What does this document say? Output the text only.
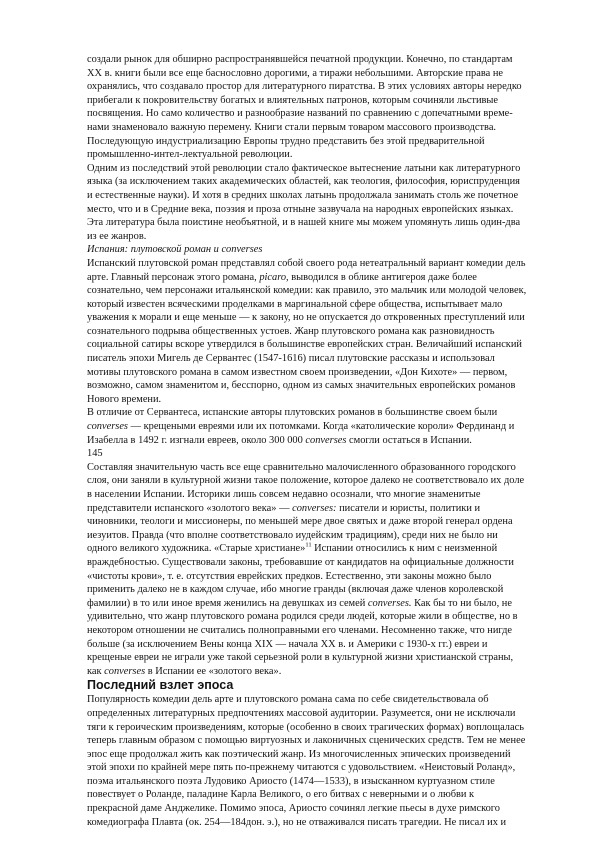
создали рынок для обширно распространявшейся печатной продукции. Конечно, по стандартам XX в. книги были все еще баснословно дорогими, а тиражи небольшими. Авторские права не охранялись, что создавало простор для литературного пиратства. В этих условиях авторы нередко прибегали к покровительству богатых и влиятельных патронов, которым сочиняли льстивые посвящения. Но само количество и разнообразие названий по сравнению с допечатными време-нами знаменовало важную перемену. Книги стали первым товаром массового производства. Последующую индустриализацию Европы трудно представить без этой предварительной промышленно-интел-лектуальной революции.

Одним из последствий этой революции стало фактическое вытеснение латыни как литературного языка (за исключением таких академических областей, как теология, философия, юриспруденция и естественные науки). И хотя в средних школах латынь продолжала занимать столь же почетное место, что и в Средние века, поэзия и проза отныне зазвучала на народных европейских языках. Эта литература была поистине необъятной, и в нашей книге мы можем упомянуть лишь один-два из ее жанров.

Испания: плутовской роман и conversеs

Испанский плутовской роман представлял собой своего рода нетеатральный вариант комедии дель арте. Главный персонаж этого романа, picaro, выводился в облике антигероя даже более сознательно, чем персонажи итальянской комедии: как правило, это мальчик или молодой человек, который известен всяческими проделками в маргинальной сфере общества, испытывает мало уважения к морали и еще меньше — к закону, но не опускается до откровенных преступлений или сознательного подрыва общественных устоев. Жанр плутовского романа как разновидность социальной сатиры вскоре утвердился в большинстве европейских стран. Величайший испанский писатель эпохи Мигель де Сервантес (1547-1616) писал плутовские рассказы и использовал мотивы плутовского романа в самом известном своем произведении, «Дон Кихоте» — первом, возможно, самом знаменитом и, бесспорно, одном из самых значительных европейских романов Нового времени.

В отличие от Сервантеса, испанские авторы плутовских романов в большинстве своем были conversеs — крещеными евреями или их потомками. Когда «католические короли» Фердинанд и Изабелла в 1492 г. изгнали евреев, около 300 000 conversеs смогли остаться в Испании.

145

Составляя значительную часть все еще сравнительно малочисленного образованного городского слоя, они заняли в культурной жизни такое положение, которое далеко не соответствовало их доле в населении Испании. Историки лишь совсем недавно осознали, что многие знаменитые представители испанского «золотого века» — conversеs: писатели и юристы, политики и чиновники, теологи и миссионеры, по меньшей мере двое святых и даже второй генерал ордена иезуитов. Правда (что вполне соответствовало иудейским традициям), среди них не было ни одного великого художника. «Старые христиане»$^{11}$ Испании относились к ним с неизменной враждебностью. Существовали законы, требовавшие от кандидатов на официальные должности «чистоты крови», т. е. отсутствия еврейских предков. Естественно, эти законы можно было применить далеко не в каждом случае, ибо многие гранды (включая даже членов королевской фамилии) в то или иное время женились на девушках из семей conversеs. Как бы то ни было, не удивительно, что жанр плутовского романа родился среди людей, которые жили в обществе, но в некотором отношении не считались полноправными его членами. Несомненно также, что нигде больше (за исключением Вены конца XIX — начала XX в. и Америки с 1930-х гг.) евреи и крещеные евреи не играли уже такой серьезной роли в культурной жизни христианской страны, как conversеs в Испании ее «золотого века».

Последний взлет эпоса

Популярность комедии дель арте и плутовского романа сама по себе свидетельствовала об определенных литературных предпочтениях массовой аудитории. Разумеется, они не исключали тяги к героическим произведениям, которые (особенно в своих трагических формах) воплощалась теперь главным образом с помощью виртуозных и лаконичных сценических средств. Тем не менее эпос еще продолжал жить как поэтический жанр. Из многочисленных эпических произведений этой эпохи по крайней мере пять по-прежнему читаются с удовольствием. «Неистовый Роланд», поэма итальянского поэта Лудовико Ариосто (1474—1533), в изысканном куртуазном стиле повествует о Роланде, паладине Карла Великого, о его битвах с неверными и о любви к прекрасной даме Анджелике. Помимо эпоса, Ариосто сочинял легкие пьесы в духе римского комедиографа Плавта (ок. 254—184дон. э.), но не отваживался писать трагедии. Не писал их и
